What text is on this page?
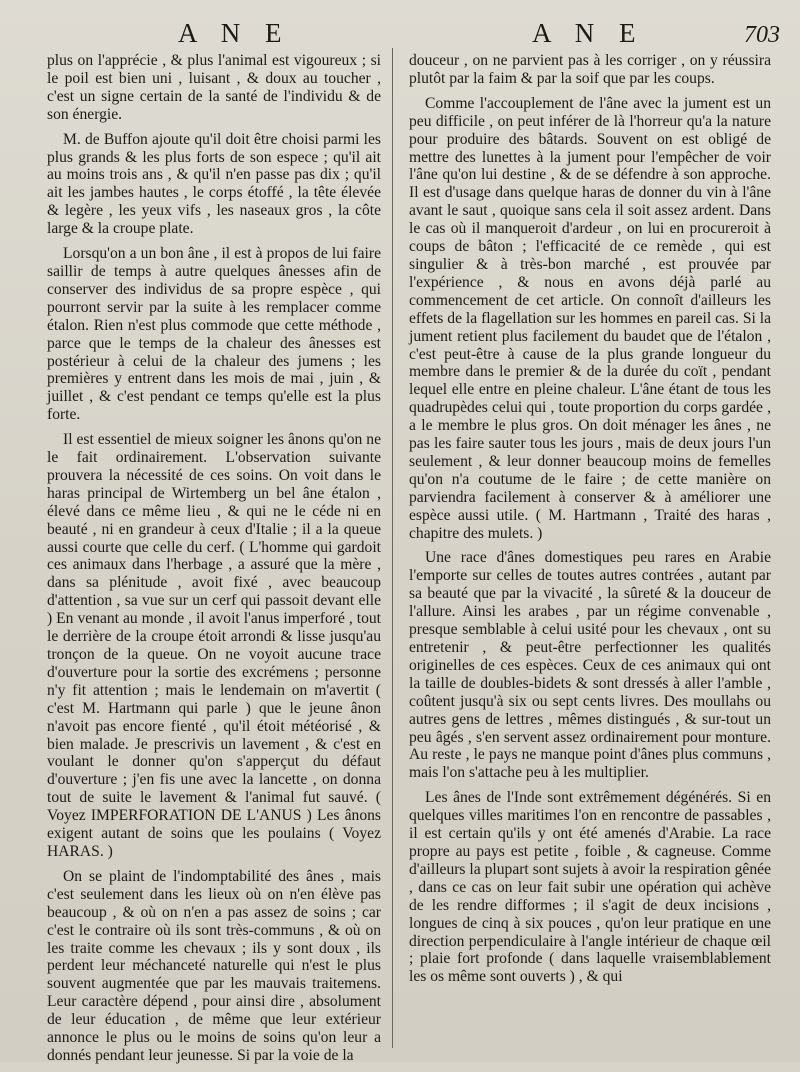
A N E	A N E	703

plus on l'apprécie , & plus l'animal est vigoureux ; si le poil est bien uni , luisant , & doux au toucher , c'est un signe certain de la santé de l'individu & de son énergie.

M. de Buffon ajoute qu'il doit être choisi parmi les plus grands & les plus forts de son espece ; qu'il ait au moins trois ans , & qu'il n'en passe pas dix ; qu'il ait les jambes hautes , le corps étoffé , la tête élevée & legère , les yeux vifs , les naseaux gros , la côte large & la croupe plate.

Lorsqu'on a un bon âne , il est à propos de lui faire saillir de temps à autre quelques ânesses afin de conserver des individus de sa propre espèce , qui pourront servir par la suite à les remplacer comme étalon. Rien n'est plus commode que cette méthode , parce que le temps de la chaleur des ânesses est postérieur à celui de la chaleur des jumens ; les premières y entrent dans les mois de mai , juin , & juillet , & c'est pendant ce temps qu'elle est la plus forte.

Il est essentiel de mieux soigner les ânons qu'on ne le fait ordinairement. L'observation suivante prouvera la nécessité de ces soins. On voit dans le haras principal de Wirtemberg un bel âne étalon , élevé dans ce même lieu , & qui ne le céde ni en beauté , ni en grandeur à ceux d'Italie ; il a la queue aussi courte que celle du cerf. ( L'homme qui gardoit ces animaux dans l'herbage , a assuré que la mère , dans sa plénitude , avoit fixé , avec beaucoup d'attention , sa vue sur un cerf qui passoit devant elle ) En venant au monde , il avoit l'anus imperforé , tout le derrière de la croupe étoit arrondi & lisse jusqu'au tronçon de la queue. On ne voyoit aucune trace d'ouverture pour la sortie des excrémens ; personne n'y fit attention ; mais le lendemain on m'avertit ( c'est M. Hartmann qui parle ) que le jeune ânon n'avoit pas encore fienté , qu'il étoit météorisé , & bien malade. Je prescrivis un lavement , & c'est en voulant le donner qu'on s'apperçut du défaut d'ouverture ; j'en fis une avec la lancette , on donna tout de suite le lavement & l'animal fut sauvé. ( Voyez IMPERFORATION DE L'ANUS ) Les ânons exigent autant de soins que les poulains ( Voyez HARAS. )

On se plaint de l'indomptabilité des ânes , mais c'est seulement dans les lieux où on n'en élève pas beaucoup , & où on n'en a pas assez de soins ; car c'est le contraire où ils sont très-communs , & où on les traite comme les chevaux ; ils y sont doux , ils perdent leur méchanceté naturelle qui n'est le plus souvent augmentée que par les mauvais traitemens. Leur caractère dépend , pour ainsi dire , absolument de leur éducation , de même que leur extérieur annonce le plus ou le moins de soins qu'on leur a donnés pendant leur jeunesse. Si par la voie de la

douceur , on ne parvient pas à les corriger , on y réussira plutôt par la faim & par la soif que par les coups.

Comme l'accouplement de l'âne avec la jument est un peu difficile , on peut inférer de là l'horreur qu'a la nature pour produire des bâtards. Souvent on est obligé de mettre des lunettes à la jument pour l'empêcher de voir l'âne qu'on lui destine , & de se défendre à son approche. Il est d'usage dans quelque haras de donner du vin à l'âne avant le saut , quoique sans cela il soit assez ardent. Dans le cas où il manqueroit d'ardeur , on lui en procureroit à coups de bâton ; l'efficacité de ce remède , qui est singulier & à très-bon marché , est prouvée par l'expérience , & nous en avons déjà parlé au commencement de cet article. On connoît d'ailleurs les effets de la flagellation sur les hommes en pareil cas. Si la jument retient plus facilement du baudet que de l'étalon , c'est peut-être à cause de la plus grande longueur du membre dans le premier & de la durée du coït , pendant lequel elle entre en pleine chaleur. L'âne étant de tous les quadrupèdes celui qui , toute proportion du corps gardée , a le membre le plus gros. On doit ménager les ânes , ne pas les faire sauter tous les jours , mais de deux jours l'un seulement , & leur donner beaucoup moins de femelles qu'on n'a coutume de le faire ; de cette manière on parviendra facilement à conserver & à améliorer une espèce aussi utile. ( M. Hartmann , Traité des haras , chapitre des mulets. )

Une race d'ânes domestiques peu rares en Arabie l'emporte sur celles de toutes autres contrées , autant par sa beauté que par la vivacité , la sûreté & la douceur de l'allure. Ainsi les arabes , par un régime convenable , presque semblable à celui usité pour les chevaux , ont su entretenir , & peut-être perfectionner les qualités originelles de ces espèces. Ceux de ces animaux qui ont la taille de doubles-bidets & sont dressés à aller l'amble , coûtent jusqu'à six ou sept cents livres. Des moullahs ou autres gens de lettres , mêmes distingués , & sur-tout un peu âgés , s'en servent assez ordinairement pour monture. Au reste , le pays ne manque point d'ânes plus communs , mais l'on s'attache peu à les multiplier.

Les ânes de l'Inde sont extrêmement dégénérés. Si en quelques villes maritimes l'on en rencontre de passables , il est certain qu'ils y ont été amenés d'Arabie. La race propre au pays est petite , foible , & cagneuse. Comme d'ailleurs la plupart sont sujets à avoir la respiration gênée , dans ce cas on leur fait subir une opération qui achève de les rendre difformes ; il s'agit de deux incisions , longues de cinq à six pouces , qu'on leur pratique en une direction perpendiculaire à l'angle intérieur de chaque œil ; plaie fort profonde ( dans laquelle vraisemblablement les os même sont ouverts ) , & qui
